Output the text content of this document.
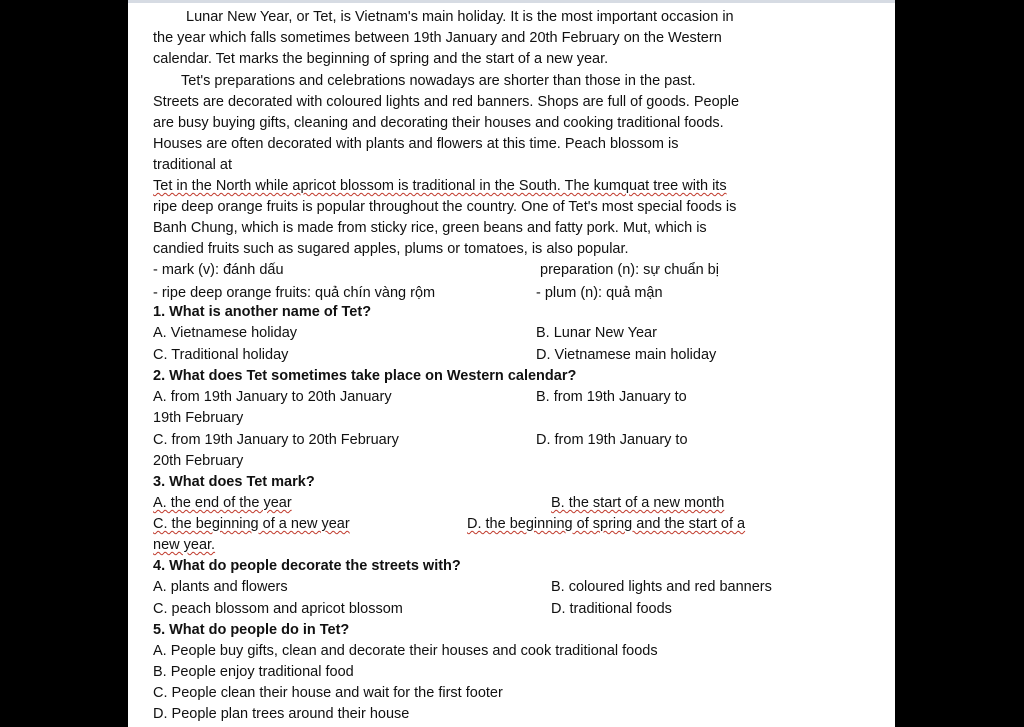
Lunar New Year, or Tet, is Vietnam's main holiday. It is the most important occasion in
the year which falls sometimes between 19th January and 20th February on the Western
calendar. Tet marks the beginning of spring and the start of a new year.
Tet's preparations and celebrations nowadays are shorter than those in the past.
Streets are decorated with coloured lights and red banners. Shops are full of goods. People
are busy buying gifts, cleaning and decorating their houses and cooking traditional foods.
Houses are often decorated with plants and flowers at this time. Peach blossom is
traditional at
Tet in the North while apricot blossom is traditional in the South. The kumquat tree with its
ripe deep orange fruits is popular throughout the country. One of Tet's most special foods is
Banh Chung, which is made from sticky rice, green beans and fatty pork. Mut, which is
candied fruits such as sugared apples, plums or tomatoes, is also popular.
- mark (v): đánh dấu	preparation (n): sự chuẩn bị
- ripe deep orange fruits: quả chín vàng rộm	- plum (n): quả mận
1. What is another name of Tet?
A. Vietnamese holiday	B. Lunar New Year
C. Traditional holiday	D. Vietnamese main holiday
2. What does Tet sometimes take place on Western calendar?
A. from 19th January to 20th January	B. from 19th January to
19th February
C. from 19th January to 20th February	D. from 19th January to
20th February
3. What does Tet mark?
A. the end of the year	B. the start of a new month
C. the beginning of a new year	D. the beginning of spring and the start of a
new year.
4. What do people decorate the streets with?
A. plants and flowers	B. coloured lights and red banners
C. peach blossom and apricot blossom	D. traditional foods
5. What do people do in Tet?
A. People buy gifts, clean and decorate their houses and cook traditional foods
B. People enjoy traditional food
C. People clean their house and wait for the first footer
D. People plan trees around their house
